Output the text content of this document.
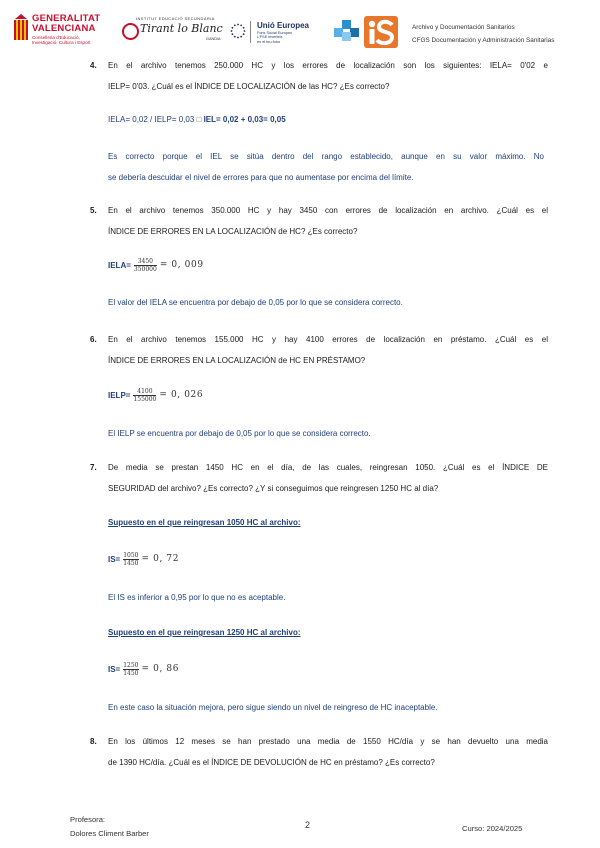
GENERALITAT
VALENCIANA
Conselleria d'Educació,
Investigació, Cultura i Esport
INSTITUT EDUCACIÓ SECUNDÀRIA
Tirant lo Blanc
GANDIA
Unió Europea
Fons Social Europeu
L'FSE inverteix
en el teu futur
Archivo y Documentación Sanitarios
CFGS Documentación y Administración Sanitarias
4. En el archivo tenemos 250.000 HC y los errores de localización son los siguientes: IELA= 0'02 e
IELP= 0'03. ¿Cuál es el ÍNDICE DE LOCALIZACIÓN de las HC? ¿Es correcto?
IELA= 0,02 / IELP= 0,03 □ IEL= 0,02 + 0,03= 0,05
Es correcto porque el IEL se sitúa dentro del rango establecido, aunque en su valor máximo. No
se debería descuidar el nivel de errores para que no aumentase por encima del límite.
5. En el archivo tenemos 350.000 HC y hay 3450 con errores de localización en archivo. ¿Cuál es el
ÍNDICE DE ERRORES EN LA LOCALIZACIÓN de HC? ¿Es correcto?
IELA= $\frac{3450}{350000} = 0$, 009
El valor del IELA se encuentra por debajo de 0,05 por lo que se considera correcto.
6. En el archivo tenemos 155.000 HC y hay 4100 errores de localización en préstamo. ¿Cuál es el
ÍNDICE DE ERRORES EN LA LOCALIZACIÓN de HC EN PRÉSTAMO?
IELP= $\frac{4100}{155000} = 0$, 026
El IELP se encuentra por debajo de 0,05 por lo que se considera correcto.
7. De media se prestan 1450 HC en el día, de las cuales, reingresan 1050. ¿Cuál es el ÍNDICE DE
SEGURIDAD del archivo? ¿Es correcto? ¿Y si conseguimos que reingresen 1250 HC al día?
Supuesto en el que reingresan 1050 HC al archivo:
$IS= \frac{1050}{1450} = 0$, 72
El IS es inferior a 0,95 por lo que no es aceptable.
Supuesto en el que reingresan 1250 HC al archivo:
$IS= \frac{1250}{1450} = 0$, 86
En este caso la situación mejora, pero sigue siendo un nivel de reingreso de HC inaceptable.
8. En los últimos 12 meses se han prestado una media de 1550 HC/día y se han devuelto una media
de 1390 HC/día. ¿Cuál es el ÍNDICE DE DEVOLUCIÓN de HC en préstamo? ¿Es correcto?
Profesora:
Dolores Climent Barber
2	Curso: 2024/2025
